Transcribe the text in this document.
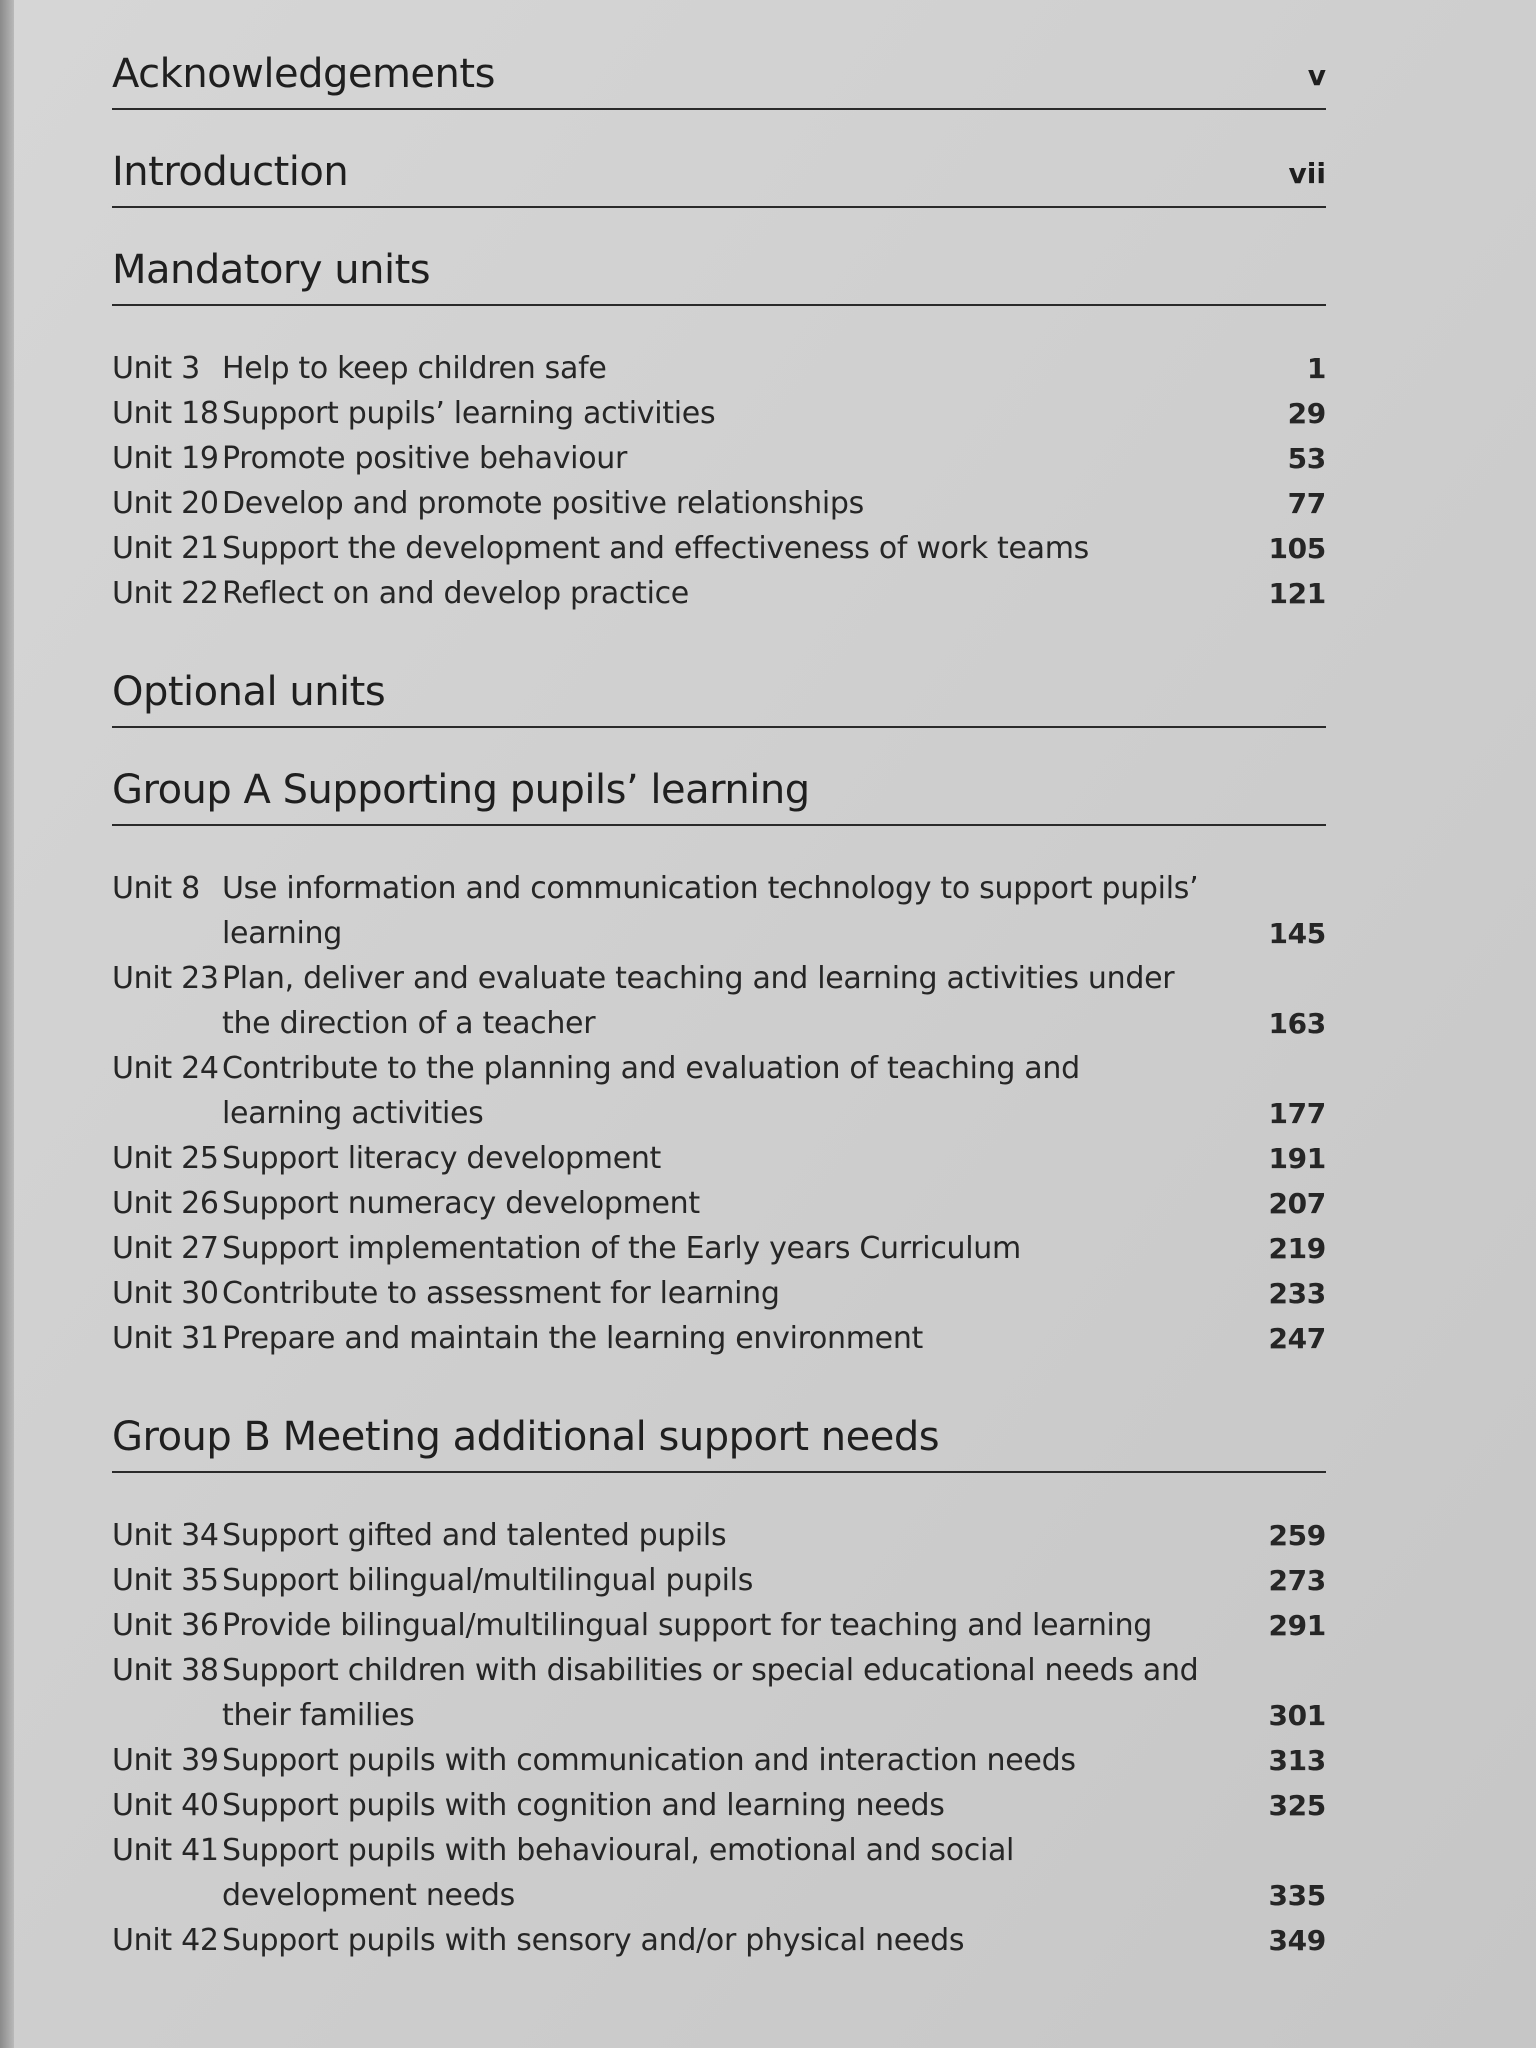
Acknowledgements	v
Introduction	vii
Mandatory units
Unit 3 Help to keep children safe	1
Unit 18 Support pupils’ learning activities	29
Unit 19 Promote positive behaviour	53
Unit 20 Develop and promote positive relationships	77
Unit 21 Support the development and effectiveness of work teams	105
Unit 22 Reflect on and develop practice	121
Optional units
Group A Supporting pupils’ learning
Unit 8 Use information and communication technology to support pupils’ learning	145
Unit 23 Plan, deliver and evaluate teaching and learning activities under the direction of a teacher	163
Unit 24 Contribute to the planning and evaluation of teaching and learning activities	177
Unit 25 Support literacy development	191
Unit 26 Support numeracy development	207
Unit 27 Support implementation of the Early years Curriculum	219
Unit 30 Contribute to assessment for learning	233
Unit 31 Prepare and maintain the learning environment	247
Group B Meeting additional support needs
Unit 34 Support gifted and talented pupils	259
Unit 35 Support bilingual/multilingual pupils	273
Unit 36 Provide bilingual/multilingual support for teaching and learning	291
Unit 38 Support children with disabilities or special educational needs and their families	301
Unit 39 Support pupils with communication and interaction needs	313
Unit 40 Support pupils with cognition and learning needs	325
Unit 41 Support pupils with behavioural, emotional and social development needs	335
Unit 42 Support pupils with sensory and/or physical needs	349
